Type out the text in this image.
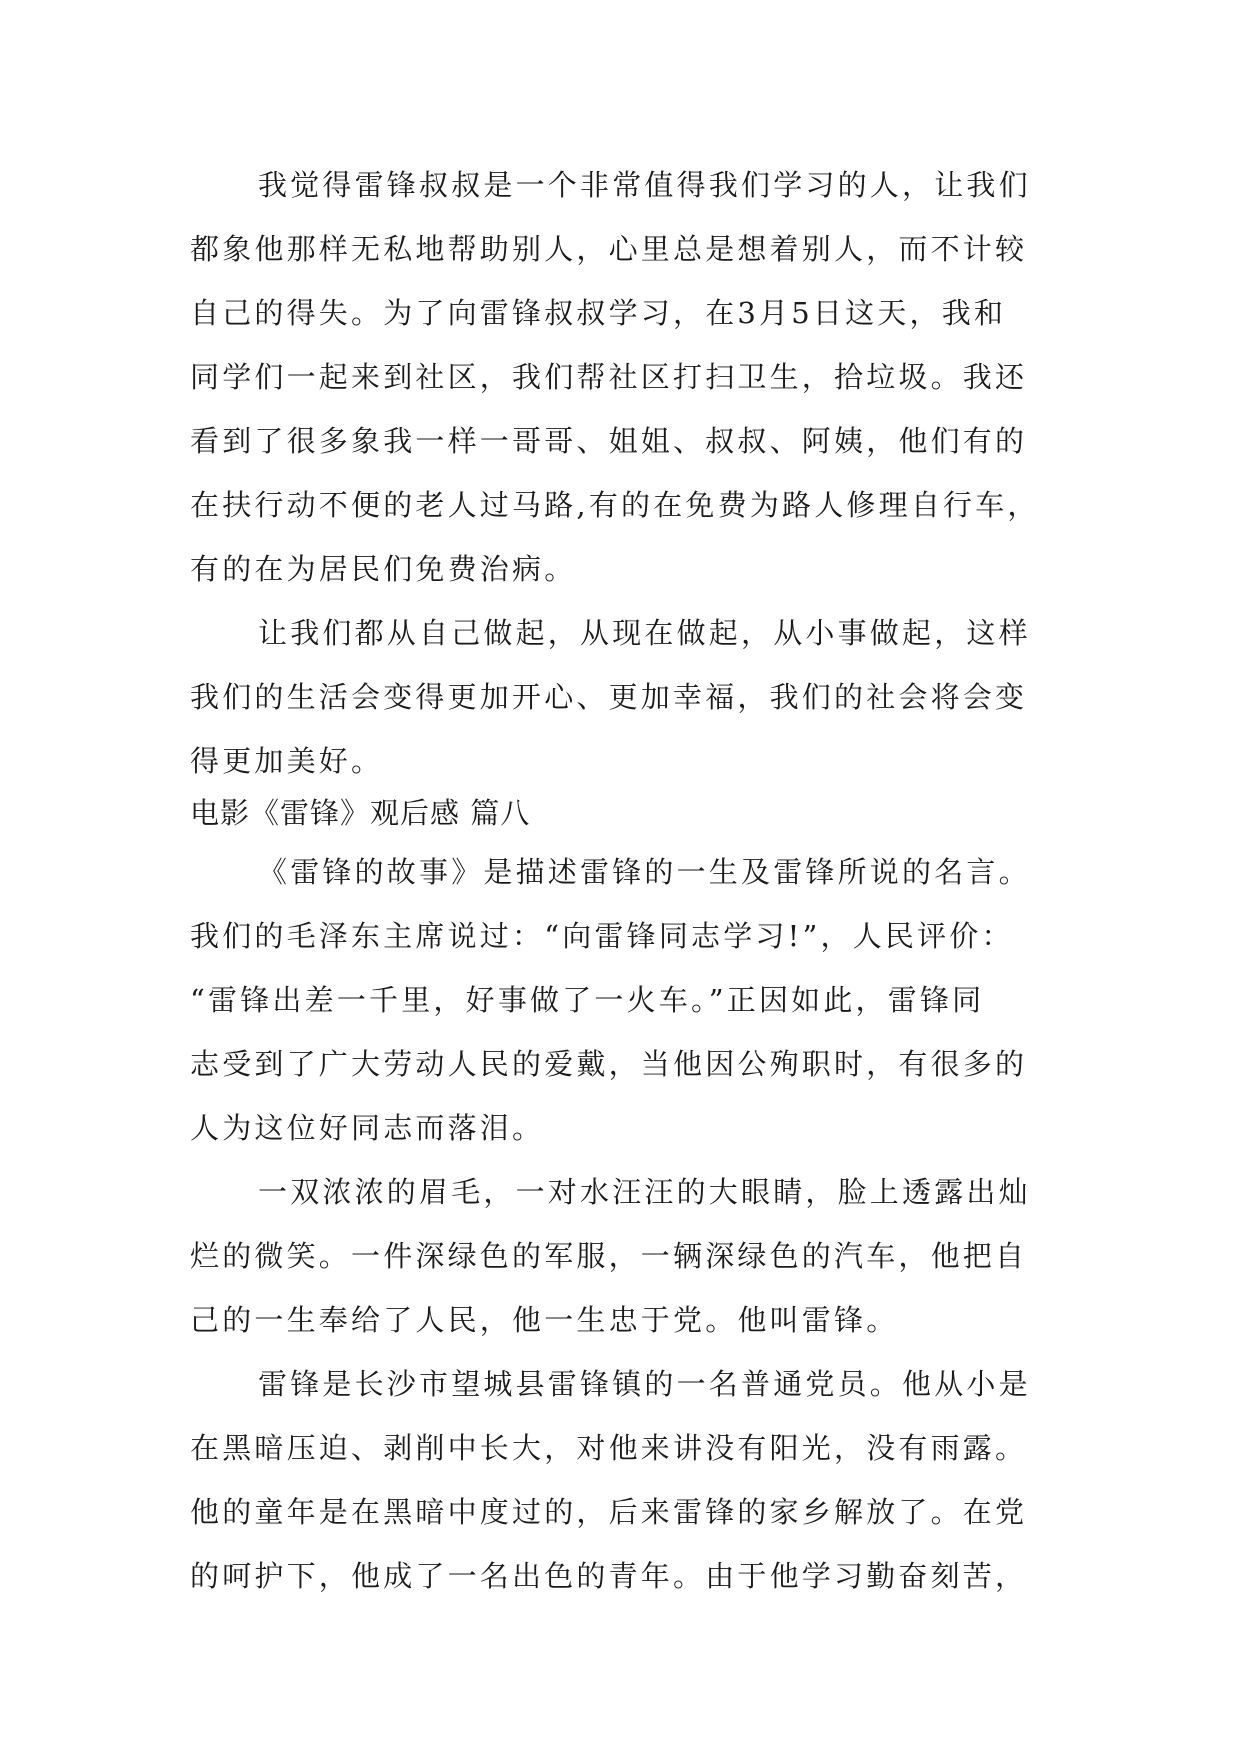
我觉得雷锋叔叔是一个非常值得我们学习的人，让我们
都象他那样无私地帮助别人，心里总是想着别人，而不计较
自己的得失。为了向雷锋叔叔学习，在3月5日这天，我和
同学们一起来到社区，我们帮社区打扫卫生，拾垃圾。我还
看到了很多象我一样一哥哥、姐姐、叔叔、阿姨，他们有的
在扶行动不便的老人过马路,有的在免费为路人修理自行车，
有的在为居民们免费治病。
让我们都从自己做起，从现在做起，从小事做起，这样
我们的生活会变得更加开心、更加幸福，我们的社会将会变
得更加美好。
电影《雷锋》观后感 篇八
《雷锋的故事》是描述雷锋的一生及雷锋所说的名言。
我们的毛泽东主席说过：“向雷锋同志学习!”，人民评价：
“雷锋出差一千里，好事做了一火车。”正因如此，雷锋同
志受到了广大劳动人民的爱戴，当他因公殉职时，有很多的
人为这位好同志而落泪。
一双浓浓的眉毛，一对水汪汪的大眼睛，脸上透露出灿
烂的微笑。一件深绿色的军服，一辆深绿色的汽车，他把自
己的一生奉给了人民，他一生忠于党。他叫雷锋。
雷锋是长沙市望城县雷锋镇的一名普通党员。他从小是
在黑暗压迫、剥削中长大，对他来讲没有阳光，没有雨露。
他的童年是在黑暗中度过的，后来雷锋的家乡解放了。在党
的呵护下，他成了一名出色的青年。由于他学习勤奋刻苦，
